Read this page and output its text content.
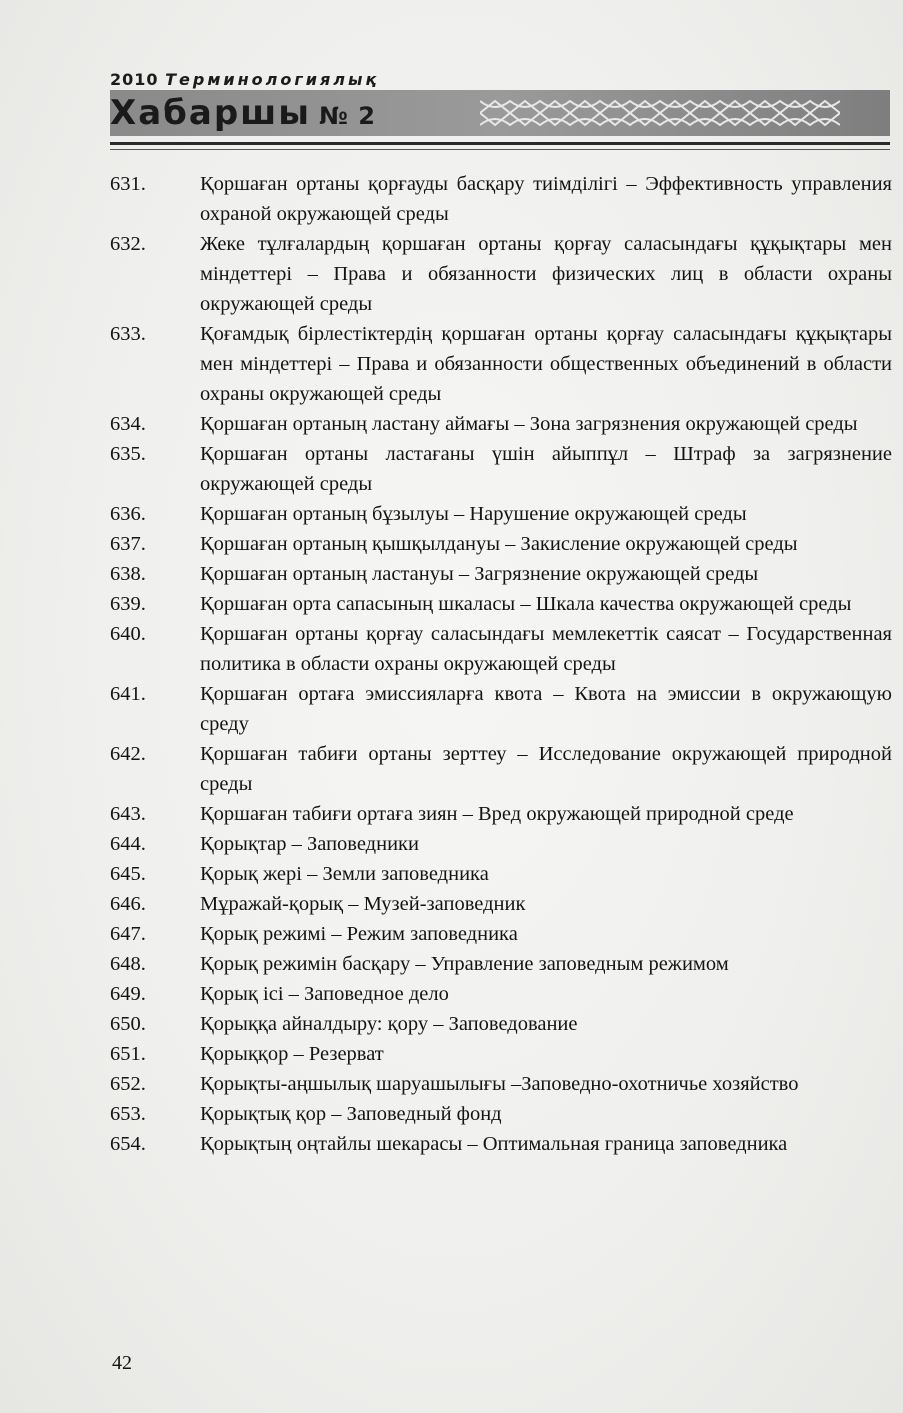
2010 Терминологиялық
Хабаршы № 2
631.	Қоршаған ортаны қорғауды басқару тиімділігі – Эффективность управления охраной окружающей среды
632.	Жеке тұлғалардың қоршаған ортаны қорғау саласындағы құқықтары мен міндеттері – Права и обязанности физических лиц в области охраны окружающей среды
633.	Қоғамдық бірлестіктердің қоршаған ортаны қорғау саласындағы құқықтары мен міндеттері – Права и обязанности общественных объединений в области охраны окружающей среды
634.	Қоршаған ортаның ластану аймағы – Зона загрязнения окружающей среды
635.	Қоршаған ортаны ластағаны үшін айыппұл – Штраф за загрязнение окружающей среды
636.	Қоршаған ортаның бұзылуы – Нарушение окружающей среды
637.	Қоршаған ортаның қышқылдануы – Закисление окружающей среды
638.	Қоршаған ортаның ластануы – Загрязнение окружающей среды
639.	Қоршаған орта сапасының шкаласы – Шкала качества окружающей среды
640.	Қоршаған ортаны қорғау саласындағы мемлекеттік саясат – Государственная политика в области охраны окружающей среды
641.	Қоршаған ортаға эмиссияларға квота – Квота на эмиссии в окружающую среду
642.	Қоршаған табиғи ортаны зерттеу – Исследование окружающей природной среды
643.	Қоршаған табиғи ортаға зиян – Вред окружающей природной среде
644.	Қорықтар – Заповедники
645.	Қорық жері – Земли заповедника
646.	Мұражай-қорық – Музей-заповедник
647.	Қорық режимі – Режим заповедника
648.	Қорық режимін басқару – Управление заповедным режимом
649.	Қорық ісі – Заповедное дело
650.	Қорыққа айналдыру: қору – Заповедование
651.	Қорыққор – Резерват
652.	Қорықты-аңшылық шаруашылығы –Заповедно-охотничье хозяйство
653.	Қорықтық қор – Заповедный фонд
654.	Қорықтың оңтайлы шекарасы – Оптимальная граница заповедника
42
